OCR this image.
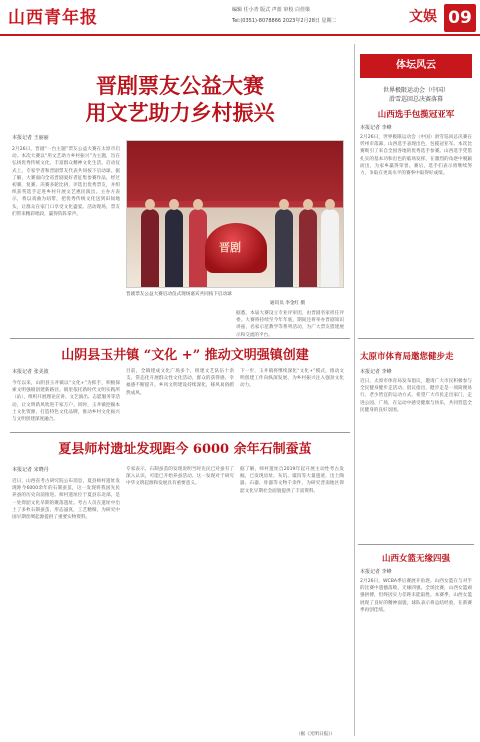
山西青年报	编辑 任小青 版式 声蓝 审校 白佳梁
Tel:(0351)-8078866 2023年2月28日 星期二	文娱 09
晋剧票友公益大赛
用文艺助力乡村振兴
本报记者 王丽丽
2月26日，晋剧“一台主题”票友公益大赛在太原市启动。本次大赛以“用文艺助力乡村振兴”为主题，旨在弘扬优秀传统文化，丰富群众精神文化生活。启动仪式上，专家学者和晋剧票友代表共同按下启动球。据了解，大赛面向全省晋剧爱好者征集参赛作品，经过初赛、复赛、决赛多轮比拼，评选出优秀票友，并组织获奖选手走进乡村开展文艺惠民演出。主办方表示，将以戏曲为纽带，把优秀传统文化送到田间地头，让群众在家门口享受文化盛宴。活动现场，票友们带来精彩唱段，赢得阵阵掌声。
晋剧
晋剧票友公益大赛启动仪式现场嘉宾共同按下启动球
通讯员 李金红 摄
据悉，本届大赛设立专业评审团，由晋剧名家担任评委。大赛将持续至今年年底，期间还将举办晋剧知识讲座、名家示范教学等系列活动，为广大票友搭建展示和交流的平台。
山阴县玉井镇 “文化 +” 推动文明强镇创建
本报记者 张美波
今年以来，山阴县玉井镇以“文化+”为抓手，积极探索文明强镇创建新路径。镇里依托新时代文明实践所（站），组织开展理论宣讲、文艺演出、志愿服务等活动，让文明新风吹进千家万户。同时，玉井镇挖掘本土文化资源，打造特色文化品牌，推动乡村文化振兴与文明创建深度融合。
目前，全镇建成文化广场多个，组建文艺队伍十余支，常态化开展群众性文化活动，群众的获得感、幸福感不断提升。乡风文明建设持续深化，移风易俗蔚然成风。
下一步，玉井镇将继续深化“文化+”模式，推动文明创建工作向纵深发展，为乡村振兴注入强劲文化动力。
夏县师村遗址发现距今 6000 余年石制蚕茧
本报记者 宋晓丹
近日，山西省考古研究院公布消息，夏县师村遗址发现距今6000余年的石制蚕茧，这一发现将我国先民养蚕的历史向前推进。师村遗址位于夏县东北部，是一处仰韶文化早期的聚落遗址。考古人员在遗址中出土了多枚石制蚕茧，形态逼真，工艺精细，为研究中国早期丝绸起源提供了重要实物资料。
专家表示，石制蚕茧的发现说明当时先民已对蚕有了深入认识，可能已开始养蚕活动。这一发现对于研究中华文明起源和发展具有重要意义。
据了解，师村遗址自2019年起开展主动性考古发掘，已发现房址、灰坑、壕沟等大量遗迹，出土陶器、石器、骨器等文物千余件，为研究晋南地区仰韶文化早期社会面貌提供了丰富资料。
（据《光明日报》）
体坛风云
世界极限运动会（中国）
滑雪巡回总决赛落幕
山西选手包揽冠亚军
本报记者 李峰
2月26日，世界极限运动会（中国）滑雪巡回总决赛在忻州市落幕，山西选手表现出色，包揽冠亚军。本次比赛吸引了来自全国各地的优秀选手参赛。山西选手凭借扎实的基本功和出色的临场发挥，在激烈的角逐中脱颖而出，为家乡赢得荣誉。赛后，选手们表示将继续努力，争取在更高水平的赛事中取得好成绩。
太原市体育局邀您健步走
本报记者 李峰
近日，太原市体育局发布倡议，邀请广大市民积极参与全民健身健步走活动。倡议指出，健步走是一项简便易行、老少皆宜的运动方式，希望广大市民走出家门，走进公园、广场，在运动中感受健康与快乐，共同营造全民健身的良好氛围。
山西女篮无缘四强
本报记者 李峰
2月26日，WCBA季后赛展开角逐。山西女篮在与对手的比赛中遗憾落败，无缘四强。全场比赛，山西女篮顽强拼搏，但终因实力差距未能取胜。本赛季，山西女篮展现了良好的精神面貌，球队表示将总结经验，在新赛季再创佳绩。
